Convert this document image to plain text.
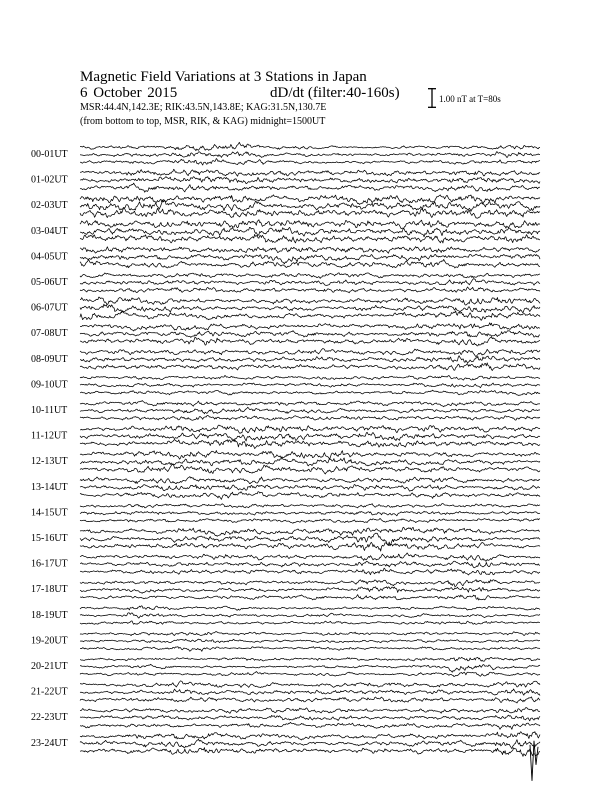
00-01UT
01-02UT
02-03UT
03-04UT
04-05UT
05-06UT
06-07UT
07-08UT
08-09UT
09-10UT
10-11UT
11-12UT
12-13UT
13-14UT
14-15UT
15-16UT
16-17UT
17-18UT
18-19UT
19-20UT
20-21UT
21-22UT
22-23UT
23-24UT
Magnetic Field Variations at 3 Stations in Japan
6 October 2015	dD/dt (filter:40-160s)
MSR:44.4N,142.3E; RIK:43.5N,143.8E; KAG:31.5N,130.7E
(from bottom to top, MSR, RIK, & KAG) midnight=1500UT
1.00 nT at T=80s
